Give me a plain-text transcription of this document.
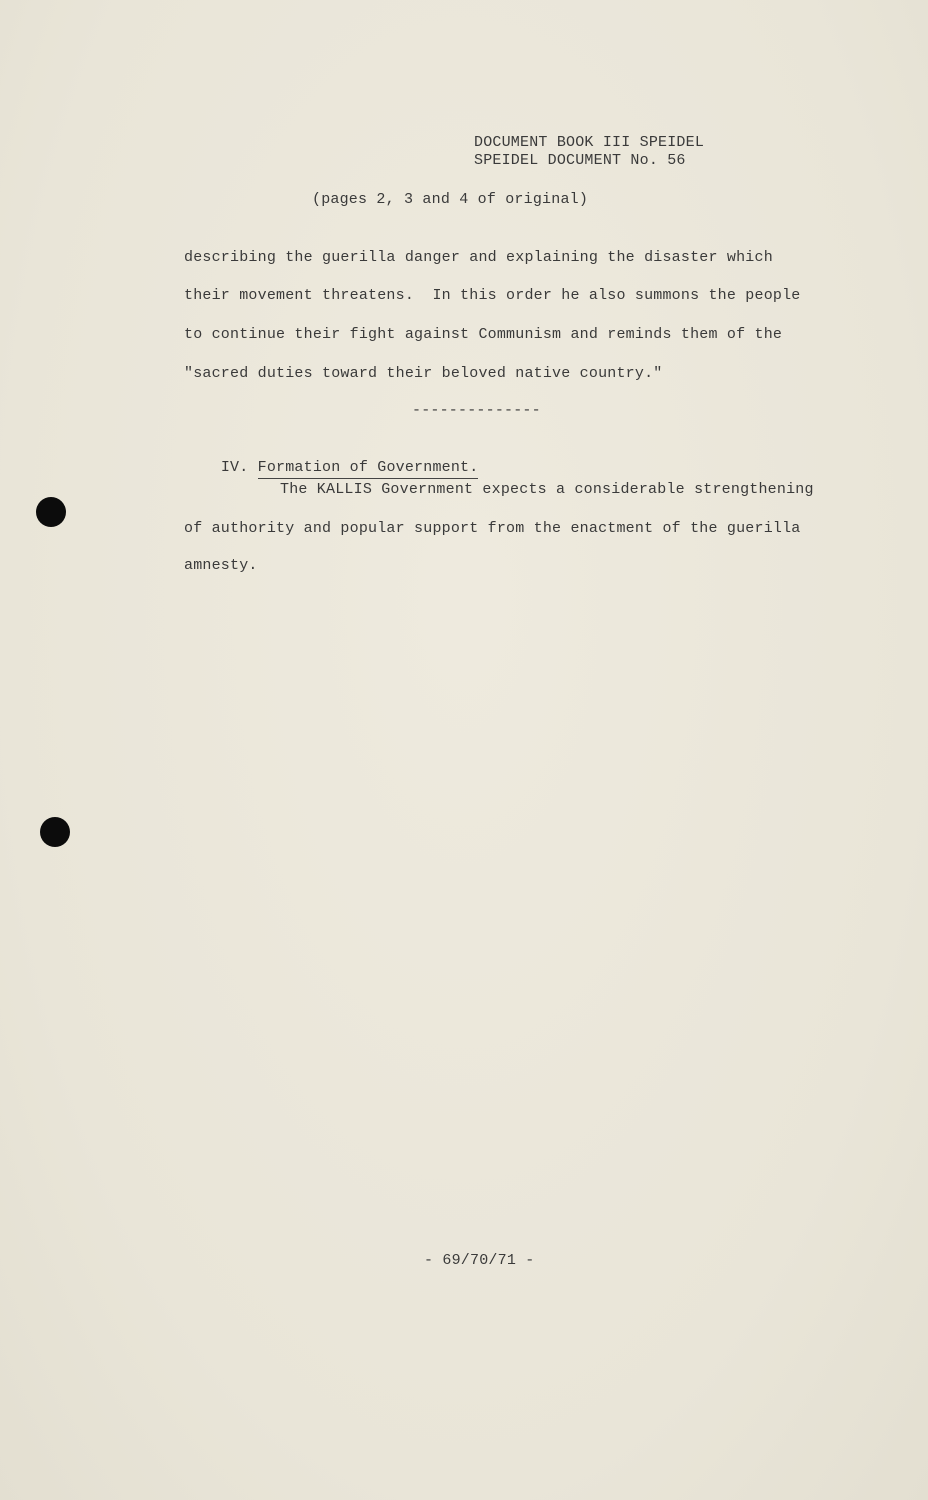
DOCUMENT BOOK III SPEIDEL
SPEIDEL DOCUMENT No. 56
(pages 2, 3 and 4 of original)
describing the guerilla danger and explaining the disaster which
their movement threatens.  In this order he also summons the people
to continue their fight against Communism and reminds them of the
"sacred duties toward their beloved native country."
--------------

IV. Formation of Government.

The KALLIS Government expects a considerable strengthening
of authority and popular support from the enactment of the guerilla
amnesty.
- 69/70/71 -
